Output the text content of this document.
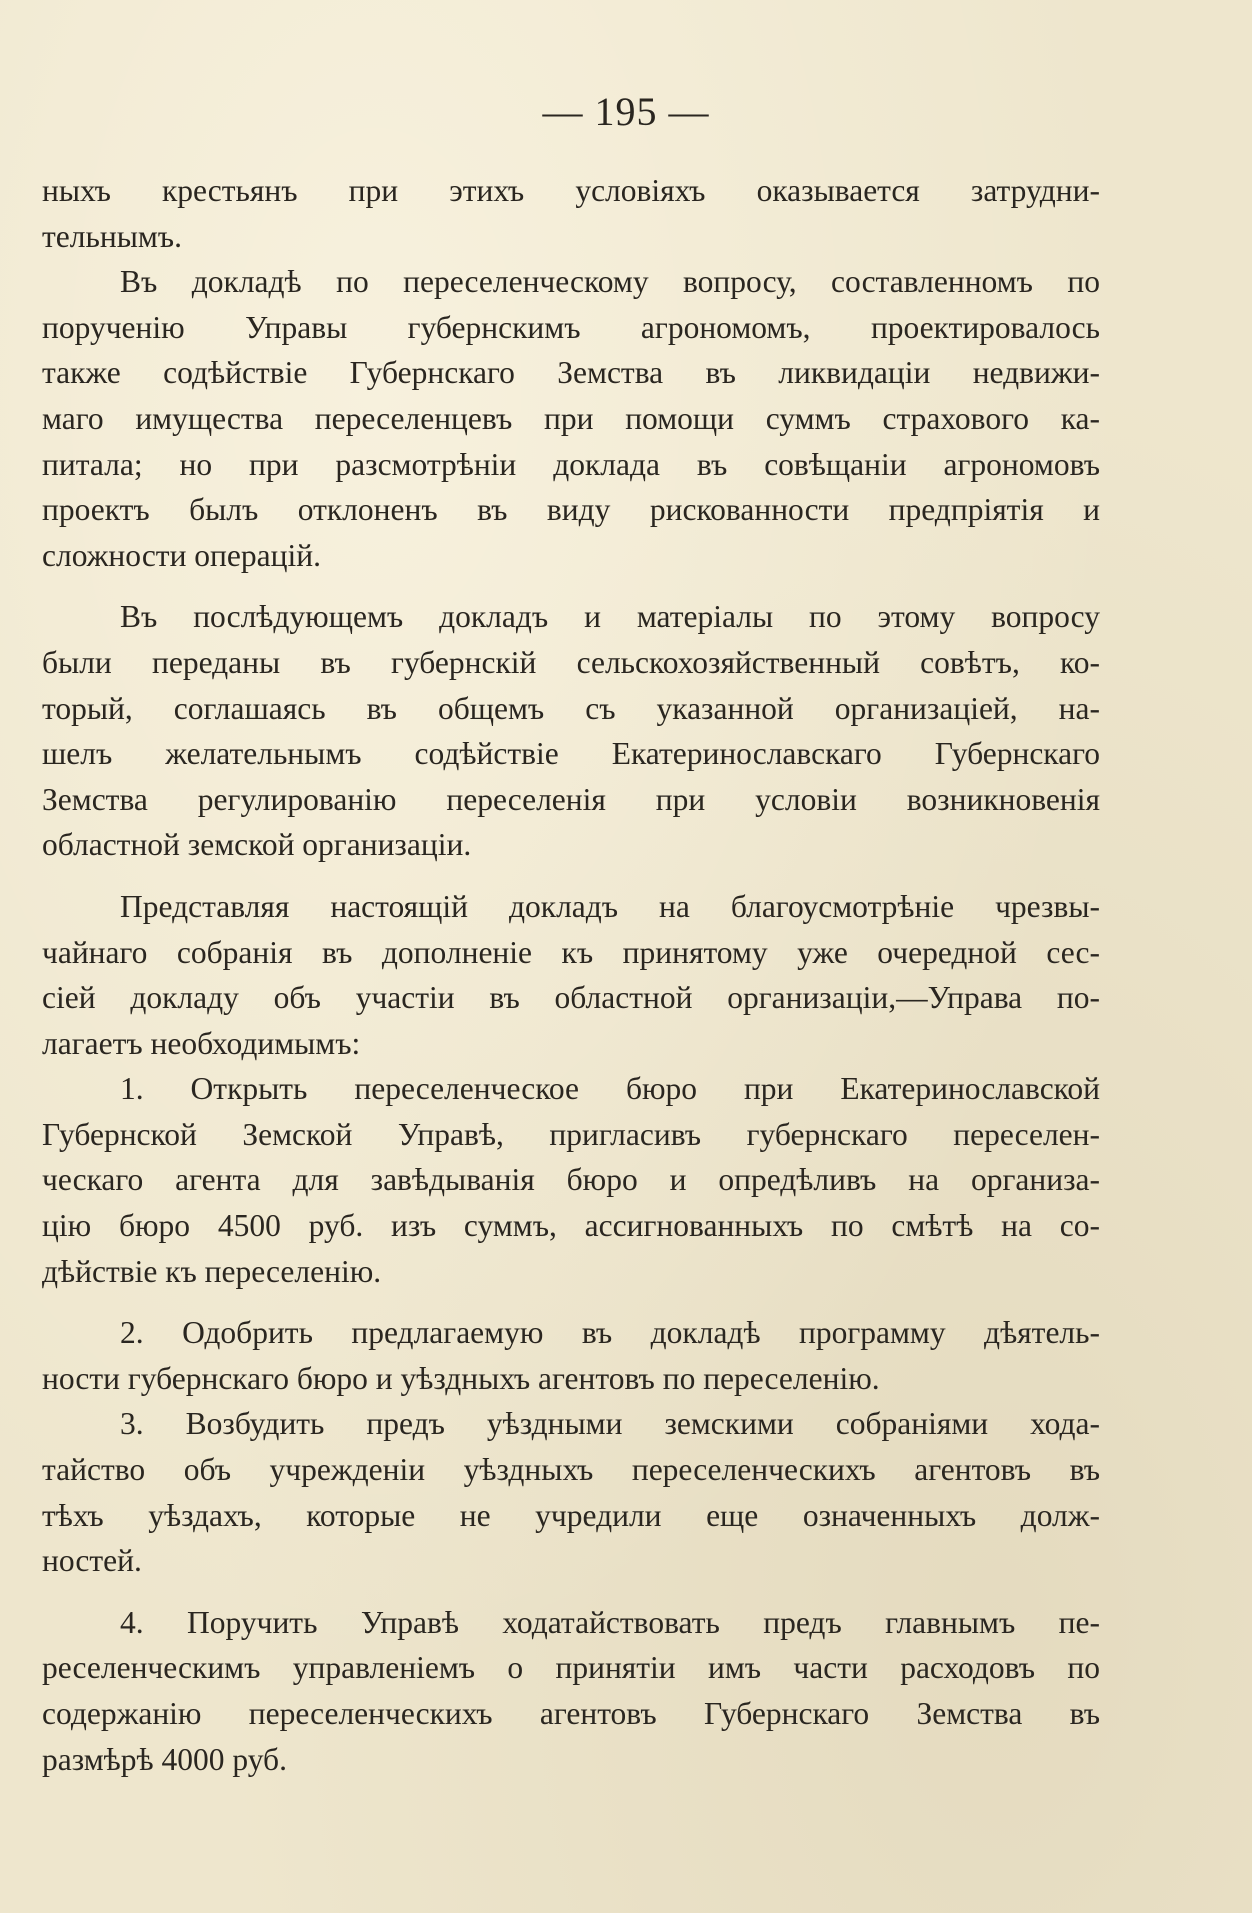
— 195 —
ныхъ крестьянъ при этихъ условіяхъ оказывается затрудни-
тельнымъ.
Въ докладѣ по переселенческому вопросу, составленномъ по
порученію Управы губернскимъ агрономомъ, проектировалось
также содѣйствіе Губернскаго Земства въ ликвидаціи недвижи-
маго имущества переселенцевъ при помощи суммъ страхового ка-
питала; но при разсмотрѣніи доклада въ совѣщаніи агрономовъ
проектъ былъ отклоненъ въ виду рискованности предпріятія и
сложности операцій.
Въ послѣдующемъ докладъ и матеріалы по этому вопросу
были переданы въ губернскій сельскохозяйственный совѣтъ, ко-
торый, соглашаясь въ общемъ съ указанной организаціей, на-
шелъ желательнымъ содѣйствіе Екатеринославскаго Губернскаго
Земства регулированію переселенія при условіи возникновенія
областной земской организаціи.
Представляя настоящій докладъ на благоусмотрѣніе чрезвы-
чайнаго собранія въ дополненіе къ принятому уже очередной сес-
сіей докладу объ участіи въ областной организаціи,—Управа по-
лагаетъ необходимымъ:
1. Открыть переселенческое бюро при Екатеринославской
Губернской Земской Управѣ, пригласивъ губернскаго переселен-
ческаго агента для завѣдыванія бюро и опредѣливъ на организа-
цію бюро 4500 руб. изъ суммъ, ассигнованныхъ по смѣтѣ на со-
дѣйствіе къ переселенію.
2. Одобрить предлагаемую въ докладѣ программу дѣятель-
ности губернскаго бюро и уѣздныхъ агентовъ по переселенію.
3. Возбудить предъ уѣздными земскими собраніями хода-
тайство объ учрежденіи уѣздныхъ переселенческихъ агентовъ въ
тѣхъ уѣздахъ, которые не учредили еще означенныхъ долж-
ностей.
4. Поручить Управѣ ходатайствовать предъ главнымъ пе-
реселенческимъ управленіемъ о принятіи имъ части расходовъ по
содержанію переселенческихъ агентовъ Губернскаго Земства въ
размѣрѣ 4000 руб.
